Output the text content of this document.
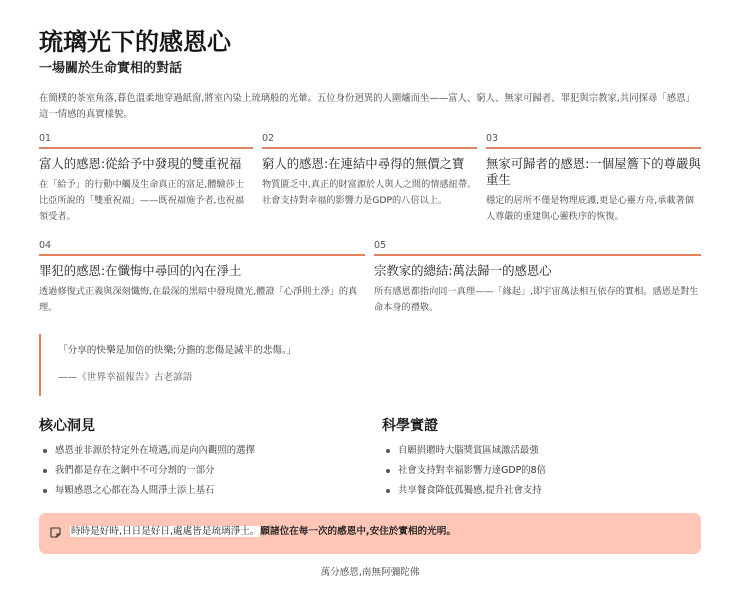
琉璃光下的感恩心
一場關於生命實相的對話

在簡樸的茶室角落,暮色溫柔地穿過紙窗,將室內染上琉璃般的光暈。五位身份迥異的人圍爐而坐——富人、窮人、無家可歸者、罪犯與宗教家,共同探尋「感恩」這一情感的真實樣貌。

01
富人的感恩:從給予中發現的雙重祝福
在「給予」的行動中觸及生命真正的富足,體驗莎士比亞所說的「雙重祝福」——既祝福施予者,也祝福領受者。
02
窮人的感恩:在連結中尋得的無價之寶
物質匱乏中,真正的財富源於人與人之間的情感紐帶。社會支持對幸福的影響力是GDP的八倍以上。
03
無家可歸者的感恩:一個屋簷下的尊嚴與重生
穩定的居所不僅是物理庇護,更是心靈方舟,承載著個人尊嚴的重建與心靈秩序的恢復。
04
罪犯的感恩:在懺悔中尋回的內在淨土
透過修復式正義與深刻懺悔,在最深的黑暗中發現微光,體證「心淨則土淨」的真理。
05
宗教家的總結:萬法歸一的感恩心
所有感恩都指向同一真理——「緣起」,即宇宙萬法相互依存的實相。感恩是對生命本身的禮敬。
「分享的快樂是加倍的快樂;分擔的悲傷是減半的悲傷。」
——《世界幸福報告》古老諺語
核心洞見
感恩並非源於特定外在境遇,而是向內觀照的選擇
我們都是存在之網中不可分割的一部分
每顆感恩之心都在為人間淨土添上基石
科學實證
自願捐贈時大腦獎賞區域激活最強
社會支持對幸福影響力達GDP的8倍
共享餐食降低孤獨感,提升社會支持
時時是好時,日日是好日,處處皆是琉璃淨土。願諸位在每一次的感恩中,安住於實相的光明。
萬分感恩,南無阿彌陀佛
